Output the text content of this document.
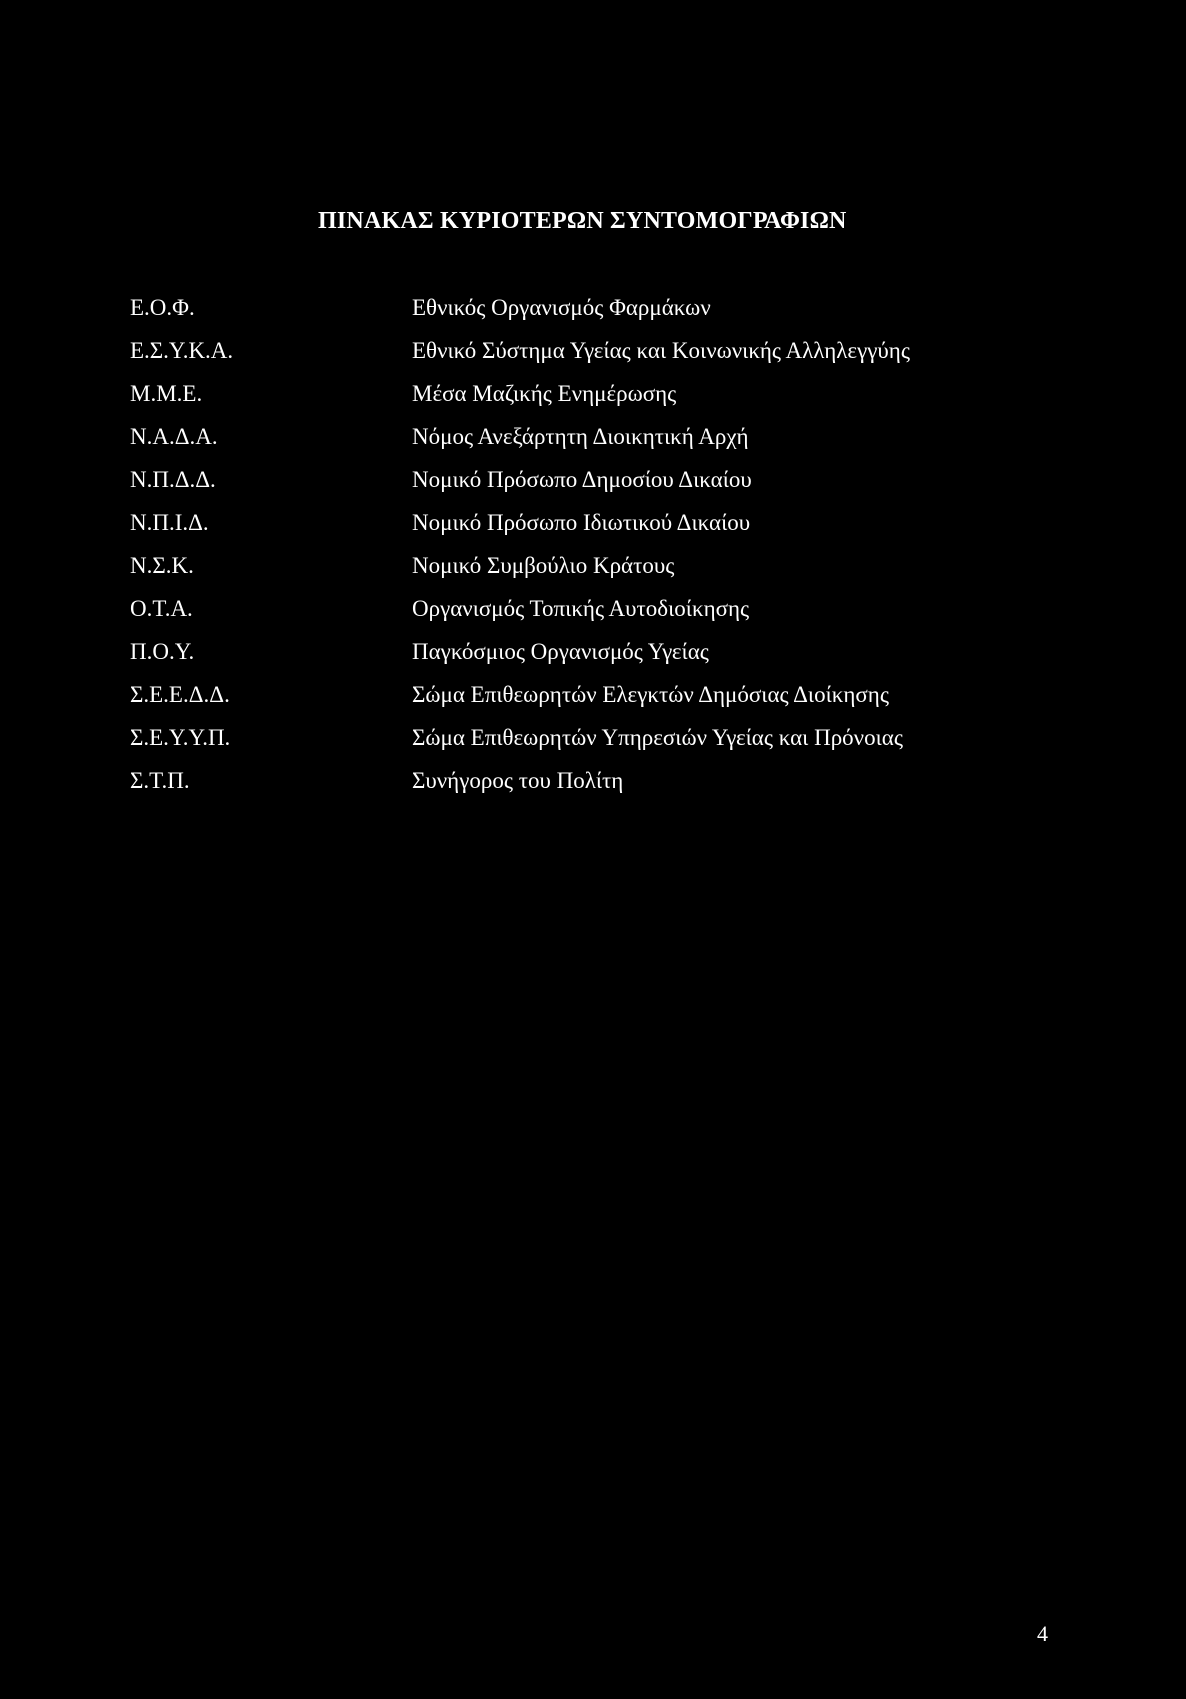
ΠΙΝΑΚΑΣ ΚΥΡΙΟΤΕΡΩΝ ΣΥΝΤΟΜΟΓΡΑΦΙΩΝ
Ε.Ο.Φ.	Εθνικός Οργανισμός Φαρμάκων
Ε.Σ.Υ.Κ.Α.	Εθνικό Σύστημα Υγείας και Κοινωνικής Αλληλεγγύης
Μ.Μ.Ε.	Μέσα Μαζικής Ενημέρωσης
Ν.Α.Δ.Α.	Νόμος Ανεξάρτητη Διοικητική Αρχή
Ν.Π.Δ.Δ.	Νομικό Πρόσωπο Δημοσίου Δικαίου
Ν.Π.Ι.Δ.	Νομικό Πρόσωπο Ιδιωτικού Δικαίου
Ν.Σ.Κ.	Νομικό Συμβούλιο Κράτους
Ο.Τ.Α.	Οργανισμός Τοπικής Αυτοδιοίκησης
Π.Ο.Υ.	Παγκόσμιος Οργανισμός Υγείας
Σ.Ε.Ε.Δ.Δ.	Σώμα Επιθεωρητών Ελεγκτών Δημόσιας Διοίκησης
Σ.Ε.Υ.Υ.Π.	Σώμα Επιθεωρητών Υπηρεσιών Υγείας και Πρόνοιας
Σ.Τ.Π.	Συνήγορος του Πολίτη
4
